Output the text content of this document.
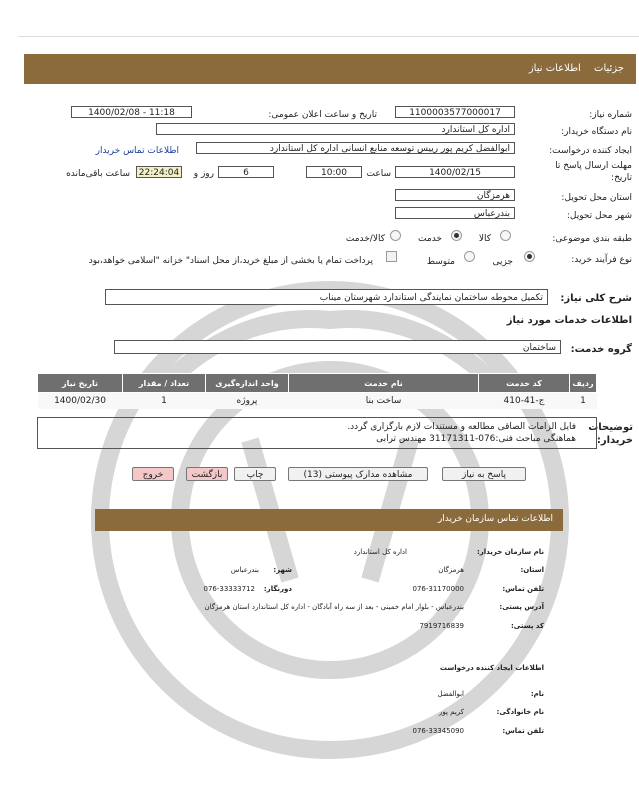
جزئیات اطلاعات نیاز
شماره نیاز:
1100003577000017
تاریخ و ساعت اعلان عمومی:
1400/02/08 - 11:18
نام دستگاه خریدار:
اداره کل استاندارد
ایجاد کننده درخواست:
ابوالفضل کریم پور رییس توسعه منابع انسانی اداره کل استاندارد
اطلاعات تماس خریدار
مهلت ارسال پاسخ تا تاریخ:
1400/02/15
ساعت
10:00
6
روز و
22:24:04
ساعت باقی‌مانده
استان محل تحویل:
هرمزگان
شهر محل تحویل:
بندرعباس
طبقه بندی موضوعی:
کالا
خدمت
کالا/خدمت
نوع فرآیند خرید:
جزیی
متوسط
پرداخت تمام یا بخشی از مبلغ خرید،از محل اسناد" خزانه "اسلامی خواهد،بود
شرح کلی نیاز:
تکمیل محوطه ساختمان نمایندگی استاندارد شهرستان میناب
اطلاعات خدمات مورد نیاز
گروه خدمت:
ساختمان
ردیف	کد خدمت	نام خدمت	واحد اندازه‌گیری	تعداد / مقدار	تاریخ نیاز
1	ج-41-410	ساخت بنا	پروژه	1	1400/02/30
توضیحات
خریدار:
فایل الزامات الصاقی مطالعه و مستندات لازم بارگزاری گردد.
هماهنگی مباحث فنی:076-31171311 مهندس ترابی
پاسخ به نیاز
مشاهده مدارک پیوستی (13)
چاپ
بازگشت
خروج
اطلاعات تماس سازمان خریدار
نام سازمان خریدار:
اداره کل استاندارد
استان:
هرمزگان
شهر:
بندرعباس
تلفن تماس:
076-31170000
دورنگار:
076-33333712
آدرس پستی:
بندرعباس - بلوار امام خمینی - بعد از سه راه آبادگان - اداره کل استاندارد استان هرمزگان
کد پستی:
7919716839
اطلاعات ایجاد کننده درخواست
نام:
ابوالفضل
نام خانوادگی:
کریم پور
تلفن تماس:
076-33345090
